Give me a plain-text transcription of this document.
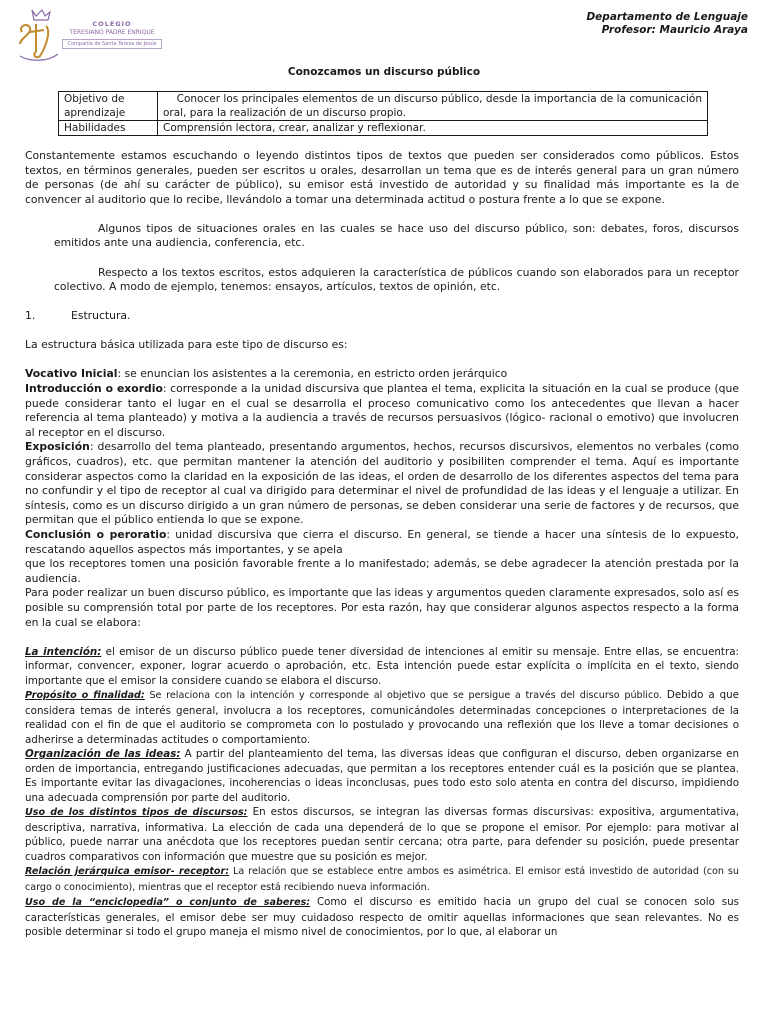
COLEGIO
TERESIANO PADRE ENRIQUE
Compañía de Santa Teresa de Jesús
Departamento de Lenguaje
Profesor: Mauricio Araya
Conozcamos un discurso público
Objetivo de aprendizaje	Conocer los principales elementos de un discurso público, desde la importancia de la comunicación oral, para la realización de un discurso propio.
Habilidades	Comprensión lectora, crear, analizar y reflexionar.

Constantemente estamos escuchando o leyendo distintos tipos de textos que pueden ser considerados como públicos. Estos textos, en términos generales, pueden ser escritos u orales, desarrollan un tema que es de interés general para un gran número de personas (de ahí su carácter de público), su emisor está investido de autoridad y su finalidad más importante es la de convencer al auditorio que lo recibe, llevándolo a tomar una determinada actitud o postura frente a lo que se expone.

Algunos tipos de situaciones orales en las cuales se hace uso del discurso público, son: debates, foros, discursos emitidos ante una audiencia, conferencia, etc.

Respecto a los textos escritos, estos adquieren la característica de públicos cuando son elaborados para un receptor colectivo. A modo de ejemplo, tenemos: ensayos, artículos, textos de opinión, etc.

1.	Estructura.

La estructura básica utilizada para este tipo de discurso es:

Vocativo Inicial: se enuncian los asistentes a la ceremonia, en estricto orden jerárquico

Introducción o exordio: corresponde a la unidad discursiva que plantea el tema, explicita la situación en la cual se produce (que puede considerar tanto el lugar en el cual se desarrolla el proceso comunicativo como los antecedentes que llevan a hacer referencia al tema planteado) y motiva a la audiencia a través de recursos persuasivos (lógico- racional o emotivo) que involucren al receptor en el discurso.

Exposición: desarrollo del tema planteado, presentando argumentos, hechos, recursos discursivos, elementos no verbales (como gráficos, cuadros), etc. que permitan mantener la atención del auditorio y posibiliten comprender el tema. Aquí es importante considerar aspectos como la claridad en la exposición de las ideas, el orden de desarrollo de los diferentes aspectos del tema para no confundir y el tipo de receptor al cual va dirigido para determinar el nivel de profundidad de las ideas y el lenguaje a utilizar. En síntesis, como es un discurso dirigido a un gran número de personas, se deben considerar una serie de factores y de recursos, que permitan que el público entienda lo que se expone.

Conclusión o peroratio: unidad discursiva que cierra el discurso. En general, se tiende a hacer una síntesis de lo expuesto, rescatando aquellos aspectos más importantes, y se apela

que los receptores tomen una posición favorable frente a lo manifestado; además, se debe agradecer la atención prestada por la audiencia.

Para poder realizar un buen discurso público, es importante que las ideas y argumentos queden claramente expresados, solo así es posible su comprensión total por parte de los receptores. Por esta razón, hay que considerar algunos aspectos respecto a la forma en la cual se elabora:

La intención: el emisor de un discurso público puede tener diversidad de intenciones al emitir su mensaje. Entre ellas, se encuentra: informar, convencer, exponer, lograr acuerdo o aprobación, etc. Esta intención puede estar explícita o implícita en el texto, siendo importante que el emisor la considere cuando se elabora el discurso.

Propósito o finalidad: Se relaciona con la intención y corresponde al objetivo que se persigue a través del discurso público. Debido a que considera temas de interés general, involucra a los receptores, comunicándoles determinadas concepciones o interpretaciones de la realidad con el fin de que el auditorio se comprometa con lo postulado y provocando una reflexión que los lleve a tomar decisiones o adherirse a determinadas actitudes o comportamiento.

Organización de las ideas: A partir del planteamiento del tema, las diversas ideas que configuran el discurso, deben organizarse en orden de importancia, entregando justificaciones adecuadas, que permitan a los receptores entender cuál es la posición que se plantea. Es importante evitar las divagaciones, incoherencias o ideas inconclusas, pues todo esto solo atenta en contra del discurso, impidiendo una adecuada comprensión por parte del auditorio.

Uso de los distintos tipos de discursos: En estos discursos, se integran las diversas formas discursivas: expositiva, argumentativa, descriptiva, narrativa, informativa. La elección de cada una dependerá de lo que se propone el emisor. Por ejemplo: para motivar al público, puede narrar una anécdota que los receptores puedan sentir cercana; otra parte, para defender su posición, puede presentar cuadros comparativos con información que muestre que su posición es mejor.

Relación jerárquica emisor- receptor: La relación que se establece entre ambos es asimétrica. El emisor está investido de autoridad (con su cargo o conocimiento), mientras que el receptor está recibiendo nueva información.

Uso de la “enciclopedia” o conjunto de saberes: Como el discurso es emitido hacia un grupo del cual se conocen solo sus características generales, el emisor debe ser muy cuidadoso respecto de omitir aquellas informaciones que sean relevantes. No es posible determinar si todo el grupo maneja el mismo nivel de conocimientos, por lo que, al elaborar un
